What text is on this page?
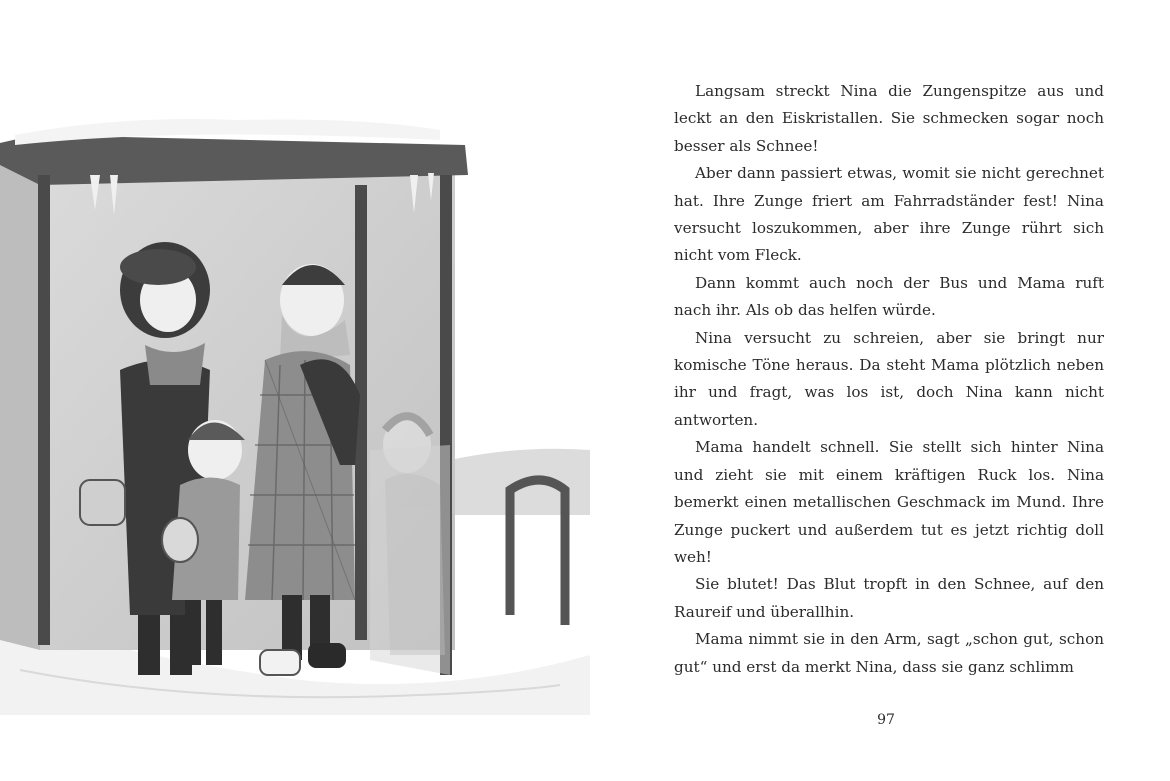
Langsam streckt Nina die Zungenspitze aus und leckt an den Eiskristallen. Sie schmecken sogar noch besser als Schnee!

Aber dann passiert etwas, womit sie nicht gerechnet hat. Ihre Zunge friert am Fahrradständer fest! Nina versucht loszukommen, aber ihre Zunge rührt sich nicht vom Fleck.

Dann kommt auch noch der Bus und Mama ruft nach ihr. Als ob das helfen würde.

Nina versucht zu schreien, aber sie bringt nur komische Töne heraus. Da steht Mama plötzlich neben ihr und fragt, was los ist, doch Nina kann nicht antworten.

Mama handelt schnell. Sie stellt sich hinter Nina und zieht sie mit einem kräftigen Ruck los. Nina bemerkt einen metallischen Geschmack im Mund. Ihre Zunge puckert und außerdem tut es jetzt richtig doll weh!

Sie blutet! Das Blut tropft in den Schnee, auf den Raureif und überallhin.

Mama nimmt sie in den Arm, sagt „schon gut, schon gut“ und erst da merkt Nina, dass sie ganz schlimm

97
